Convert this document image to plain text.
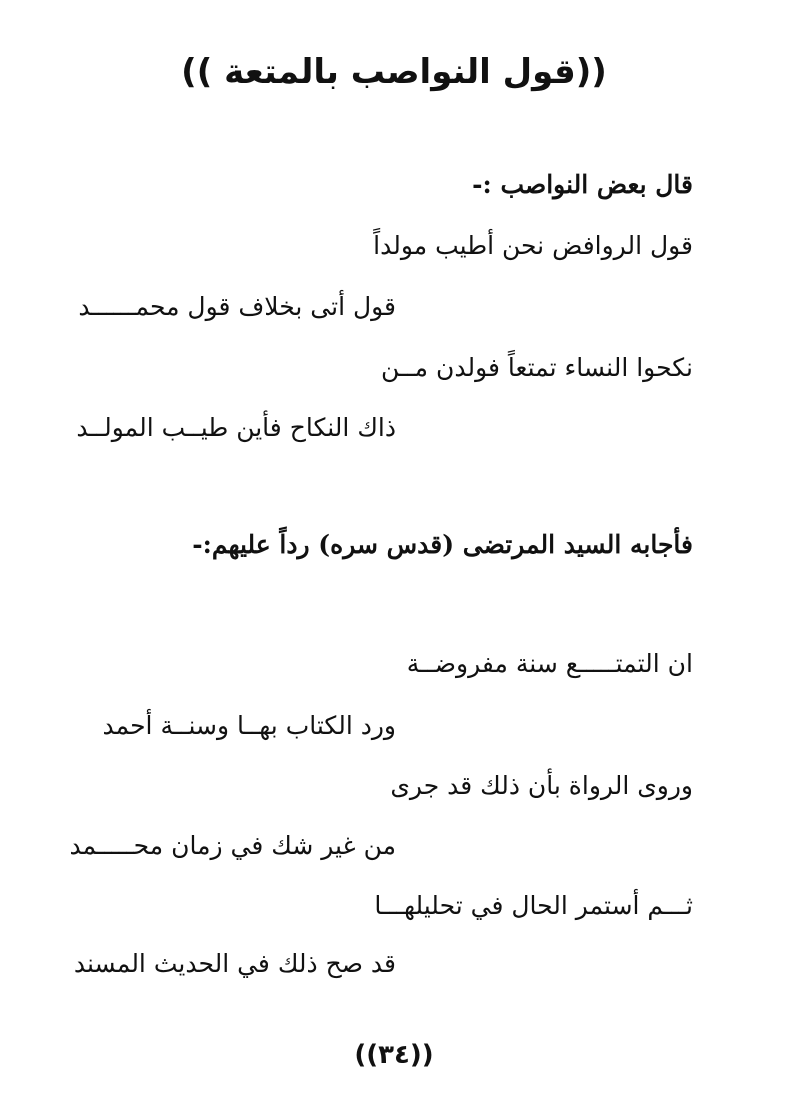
((قول النواصب بالمتعة ))
قال بعض النواصب :-
قول الروافض نحن أطيب مولداً
قول أتى بخلاف قول محمــــــد
نكحوا النساء تمتعاً فولدن مــن
ذاك النكاح فأين طيــب المولــد
فأجابه السيد المرتضى (قدس سره) رداً عليهم:-
ان التمتـــــع سنة مفروضــة
ورد الكتاب بهــا وسنــة أحمد
وروى الرواة بأن ذلك قد جرى
من غير شك في زمان محـــــمد
ثـــم أستمر الحال في تحليلهـــا
قد صح ذلك في الحديث المسند
((٣٤))
